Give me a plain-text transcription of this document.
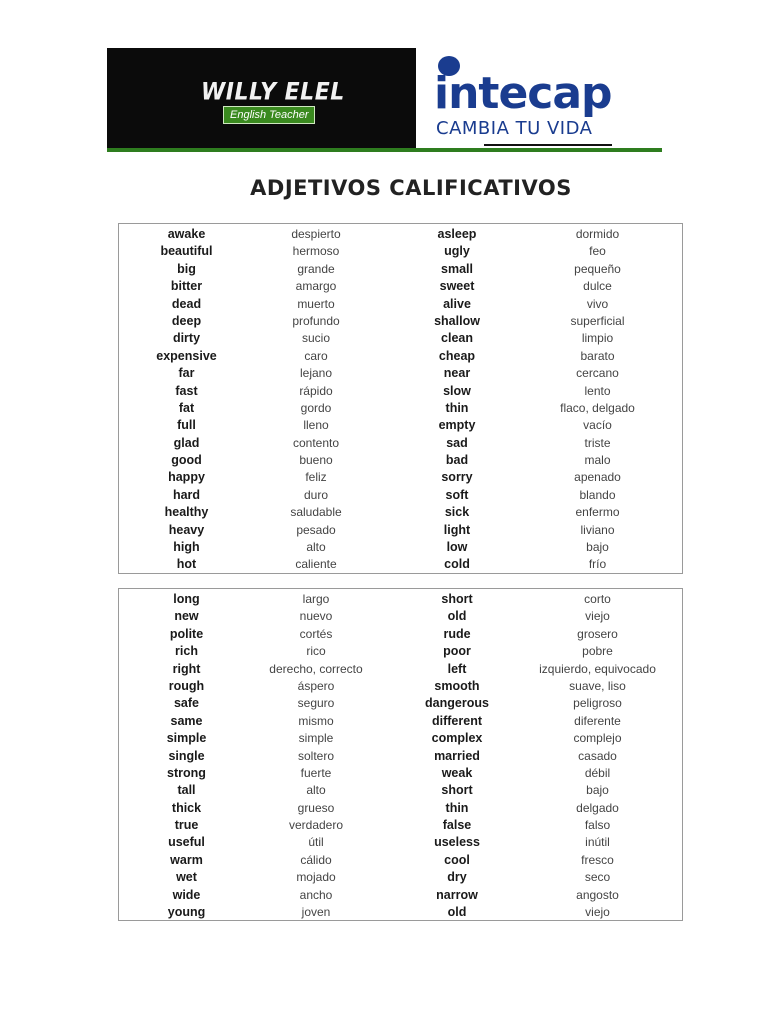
WILLY ELEL
English Teacher	intecap
CAMBIA TU VIDA
ADJETIVOS CALIFICATIVOS
awake	despierto	asleep	dormido
beautiful	hermoso	ugly	feo
big	grande	small	pequeño
bitter	amargo	sweet	dulce
dead	muerto	alive	vivo
deep	profundo	shallow	superficial
dirty	sucio	clean	limpio
expensive	caro	cheap	barato
far	lejano	near	cercano
fast	rápido	slow	lento
fat	gordo	thin	flaco, delgado
full	lleno	empty	vacío
glad	contento	sad	triste
good	bueno	bad	malo
happy	feliz	sorry	apenado
hard	duro	soft	blando
healthy	saludable	sick	enfermo
heavy	pesado	light	liviano
high	alto	low	bajo
hot	caliente	cold	frío
long	largo	short	corto
new	nuevo	old	viejo
polite	cortés	rude	grosero
rich	rico	poor	pobre
right	derecho, correcto	left	izquierdo, equivocado
rough	áspero	smooth	suave, liso
safe	seguro	dangerous	peligroso
same	mismo	different	diferente
simple	simple	complex	complejo
single	soltero	married	casado
strong	fuerte	weak	débil
tall	alto	short	bajo
thick	grueso	thin	delgado
true	verdadero	false	falso
useful	útil	useless	inútil
warm	cálido	cool	fresco
wet	mojado	dry	seco
wide	ancho	narrow	angosto
young	joven	old	viejo
